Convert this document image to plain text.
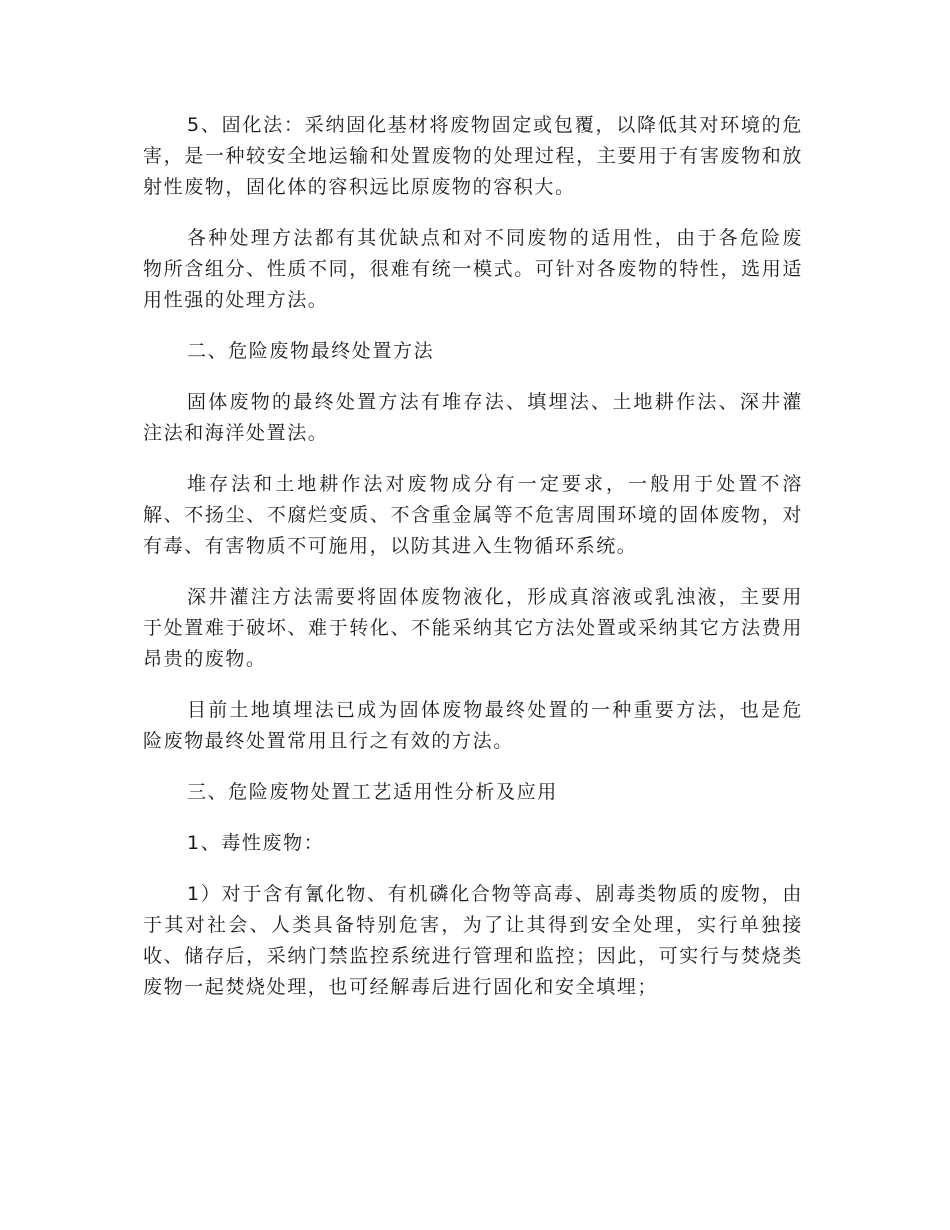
5、固化法：采纳固化基材将废物固定或包覆，以降低其对环境的危害，是一种较安全地运输和处置废物的处理过程，主要用于有害废物和放射性废物，固化体的容积远比原废物的容积大。

各种处理方法都有其优缺点和对不同废物的适用性，由于各危险废物所含组分、性质不同，很难有统一模式。可针对各废物的特性，选用适用性强的处理方法。

二、危险废物最终处置方法

固体废物的最终处置方法有堆存法、填埋法、土地耕作法、深井灌注法和海洋处置法。

堆存法和土地耕作法对废物成分有一定要求，一般用于处置不溶解、不扬尘、不腐烂变质、不含重金属等不危害周围环境的固体废物，对有毒、有害物质不可施用，以防其进入生物循环系统。

深井灌注方法需要将固体废物液化，形成真溶液或乳浊液，主要用于处置难于破坏、难于转化、不能采纳其它方法处置或采纳其它方法费用昂贵的废物。

目前土地填埋法已成为固体废物最终处置的一种重要方法，也是危险废物最终处置常用且行之有效的方法。

三、危险废物处置工艺适用性分析及应用

1、毒性废物：

1）对于含有氰化物、有机磷化合物等高毒、剧毒类物质的废物，由于其对社会、人类具备特别危害，为了让其得到安全处理，实行单独接收、储存后，采纳门禁监控系统进行管理和监控；因此，可实行与焚烧类废物一起焚烧处理，也可经解毒后进行固化和安全填埋；
